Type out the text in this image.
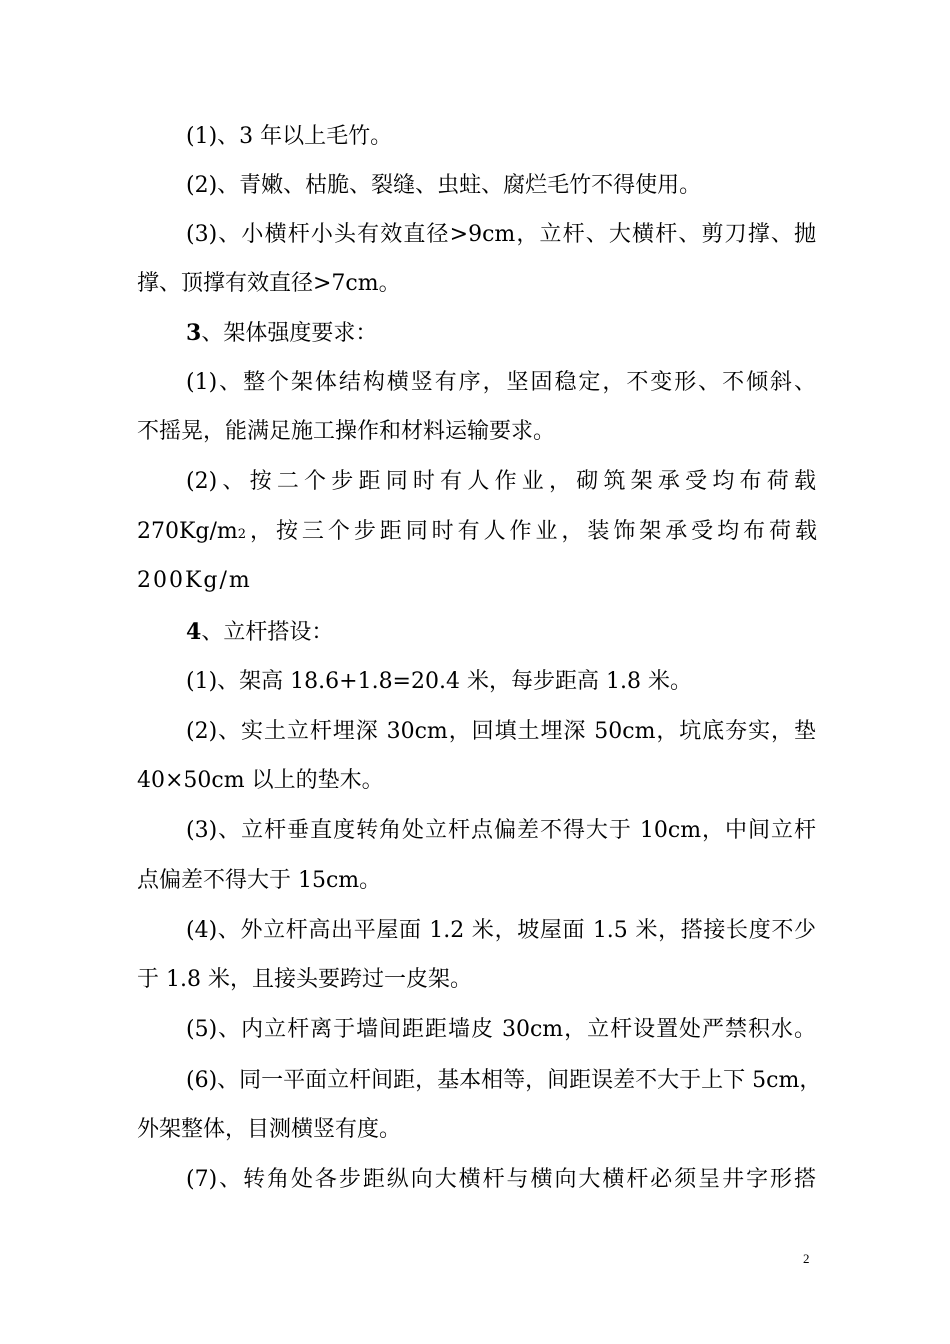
(1)、3 年以上毛竹。
(2)、青嫩、枯脆、裂缝、虫蛀、腐烂毛竹不得使用。
(3)、小横杆小头有效直径>9cm，立杆、大横杆、剪刀撑、抛
撑、顶撑有效直径>7cm。
3、架体强度要求：
(1)、整个架体结构横竖有序，坚固稳定，不变形、不倾斜、
不摇晃，能满足施工操作和材料运输要求。
(2)、按二个步距同时有人作业，砌筑架承受均布荷载
270Kg/m2，按三个步距同时有人作业，装饰架承受均布荷载
200Kg/m
4、立杆搭设：
(1)、架高 18.6+1.8=20.4 米，每步距高 1.8 米。
(2)、实土立杆埋深 30cm，回填土埋深 50cm，坑底夯实，垫
40×50cm 以上的垫木。
(3)、立杆垂直度转角处立杆点偏差不得大于 10cm，中间立杆
点偏差不得大于 15cm。
(4)、外立杆高出平屋面 1.2 米，坡屋面 1.5 米，搭接长度不少
于 1.8 米，且接头要跨过一皮架。
(5)、内立杆离于墙间距距墙皮 30cm，立杆设置处严禁积水。
(6)、同一平面立杆间距，基本相等，间距误差不大于上下 5cm，
外架整体，目测横竖有度。
(7)、转角处各步距纵向大横杆与横向大横杆必须呈井字形搭
2
